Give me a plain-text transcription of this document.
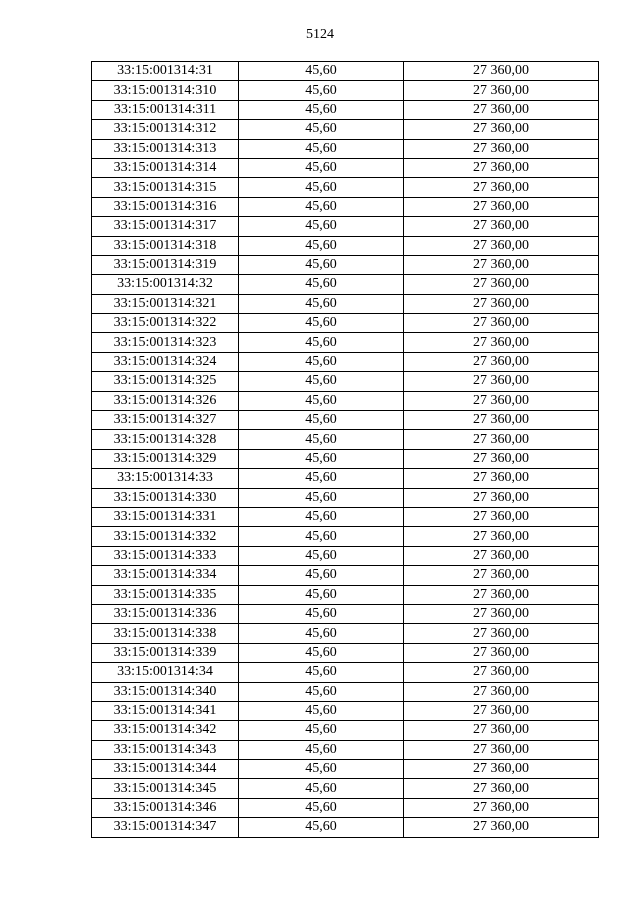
5124
33:15:001314:31	45,60	27 360,00
33:15:001314:310	45,60	27 360,00
33:15:001314:311	45,60	27 360,00
33:15:001314:312	45,60	27 360,00
33:15:001314:313	45,60	27 360,00
33:15:001314:314	45,60	27 360,00
33:15:001314:315	45,60	27 360,00
33:15:001314:316	45,60	27 360,00
33:15:001314:317	45,60	27 360,00
33:15:001314:318	45,60	27 360,00
33:15:001314:319	45,60	27 360,00
33:15:001314:32	45,60	27 360,00
33:15:001314:321	45,60	27 360,00
33:15:001314:322	45,60	27 360,00
33:15:001314:323	45,60	27 360,00
33:15:001314:324	45,60	27 360,00
33:15:001314:325	45,60	27 360,00
33:15:001314:326	45,60	27 360,00
33:15:001314:327	45,60	27 360,00
33:15:001314:328	45,60	27 360,00
33:15:001314:329	45,60	27 360,00
33:15:001314:33	45,60	27 360,00
33:15:001314:330	45,60	27 360,00
33:15:001314:331	45,60	27 360,00
33:15:001314:332	45,60	27 360,00
33:15:001314:333	45,60	27 360,00
33:15:001314:334	45,60	27 360,00
33:15:001314:335	45,60	27 360,00
33:15:001314:336	45,60	27 360,00
33:15:001314:338	45,60	27 360,00
33:15:001314:339	45,60	27 360,00
33:15:001314:34	45,60	27 360,00
33:15:001314:340	45,60	27 360,00
33:15:001314:341	45,60	27 360,00
33:15:001314:342	45,60	27 360,00
33:15:001314:343	45,60	27 360,00
33:15:001314:344	45,60	27 360,00
33:15:001314:345	45,60	27 360,00
33:15:001314:346	45,60	27 360,00
33:15:001314:347	45,60	27 360,00
